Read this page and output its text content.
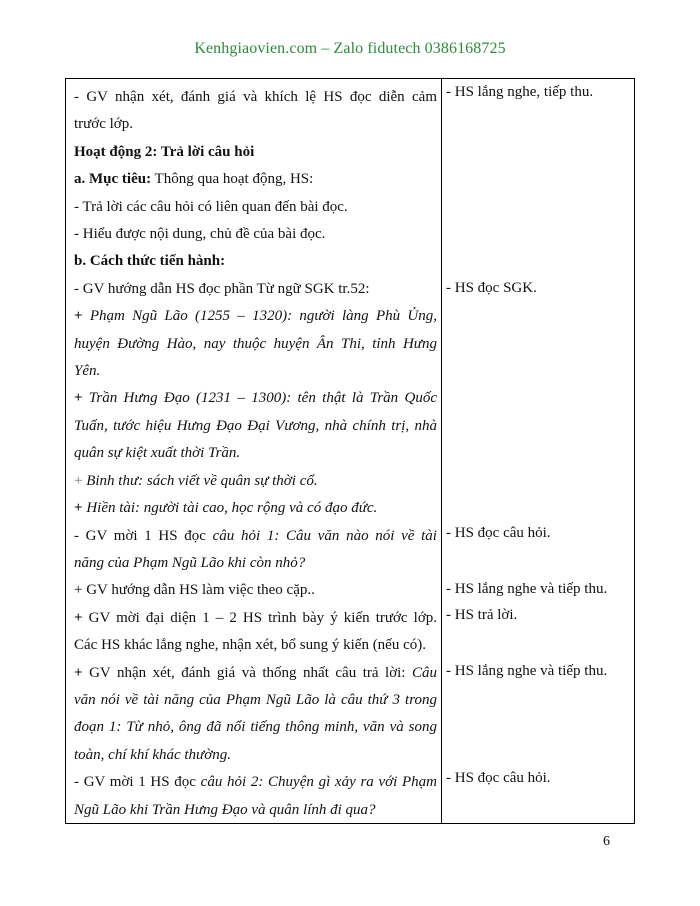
Kenhgiaovien.com – Zalo fidutech 0386168725
- GV nhận xét, đánh giá và khích lệ HS đọc diễn cảm
trước lớp.
Hoạt động 2: Trả lời câu hỏi
a. Mục tiêu: Thông qua hoạt động, HS:
- Trả lời các câu hỏi có liên quan đến bài đọc.
- Hiểu được nội dung, chủ đề của bài đọc.
b. Cách thức tiến hành:
- GV hướng dẫn HS đọc phần Từ ngữ SGK tr.52:
+ Phạm Ngũ Lão (1255 – 1320): người làng Phù Ủng,
huyện Đường Hào, nay thuộc huyện Ân Thi, tỉnh Hưng
Yên.
+ Trần Hưng Đạo (1231 – 1300): tên thật là Trần Quốc
Tuấn, tước hiệu Hưng Đạo Đại Vương, nhà chính trị, nhà
quân sự kiệt xuất thời Trần.
+ Binh thư: sách viết về quân sự thời cổ.
+ Hiền tài: người tài cao, học rộng và có đạo đức.
- GV mời 1 HS đọc câu hỏi 1: Câu văn nào nói về tài
năng của Phạm Ngũ Lão khi còn nhỏ?
+ GV hướng dẫn HS làm việc theo cặp..
+ GV mời đại diện 1 – 2 HS trình bày ý kiến trước lớp.
Các HS khác lắng nghe, nhận xét, bổ sung ý kiến (nếu có).
+ GV nhận xét, đánh giá và thống nhất câu trả lời: Câu
văn nói về tài năng của Phạm Ngũ Lão là câu thứ 3 trong
đoạn 1: Từ nhỏ, ông đã nổi tiếng thông minh, văn và song
toàn, chí khí khác thường.
- GV mời 1 HS đọc câu hỏi 2: Chuyện gì xảy ra với Phạm
Ngũ Lão khi Trần Hưng Đạo và quân lính đi qua?
- HS lắng nghe, tiếp thu.
- HS đọc SGK.
- HS đọc câu hỏi.
- HS lắng nghe và tiếp thu.
- HS trả lời.
- HS lắng nghe và tiếp thu.
- HS đọc câu hỏi.
6
